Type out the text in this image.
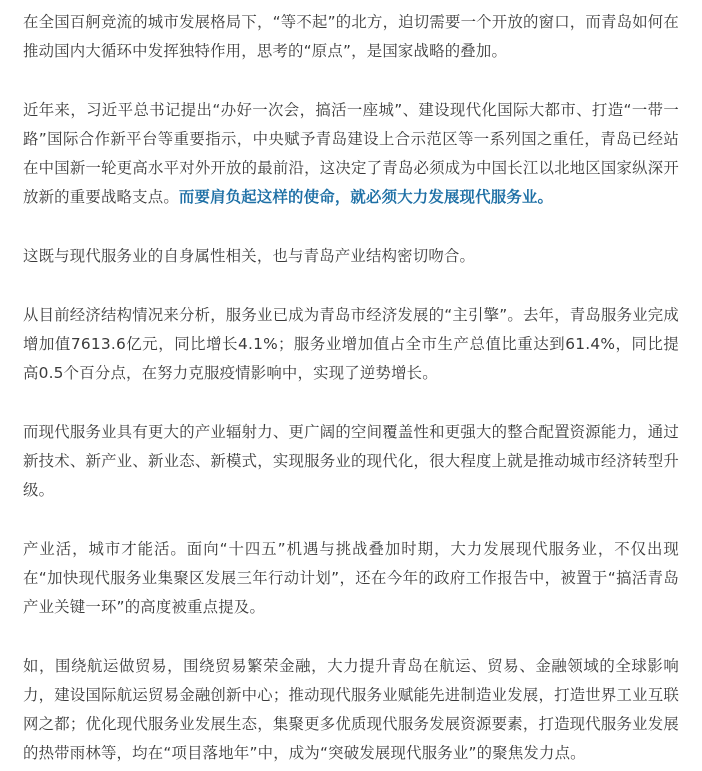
在全国百舸竞流的城市发展格局下，“等不起”的北方，迫切需要一个开放的窗口，而青岛如何在推动国内大循环中发挥独特作用，思考的“原点”，是国家战略的叠加。

近年来，习近平总书记提出“办好一次会，搞活一座城”、建设现代化国际大都市、打造“一带一路”国际合作新平台等重要指示，中央赋予青岛建设上合示范区等一系列国之重任，青岛已经站在中国新一轮更高水平对外开放的最前沿，这决定了青岛必须成为中国长江以北地区国家纵深开放新的重要战略支点。而要肩负起这样的使命，就必须大力发展现代服务业。

这既与现代服务业的自身属性相关，也与青岛产业结构密切吻合。

从目前经济结构情况来分析，服务业已成为青岛市经济发展的“主引擎”。去年，青岛服务业完成增加值7613.6亿元，同比增长4.1%；服务业增加值占全市生产总值比重达到61.4%，同比提高0.5个百分点，在努力克服疫情影响中，实现了逆势增长。

而现代服务业具有更大的产业辐射力、更广阔的空间覆盖性和更强大的整合配置资源能力，通过新技术、新产业、新业态、新模式，实现服务业的现代化，很大程度上就是推动城市经济转型升级。

产业活，城市才能活。面向“十四五”机遇与挑战叠加时期，大力发展现代服务业，不仅出现在“加快现代服务业集聚区发展三年行动计划”，还在今年的政府工作报告中，被置于“搞活青岛产业关键一环”的高度被重点提及。

如，围绕航运做贸易，围绕贸易繁荣金融，大力提升青岛在航运、贸易、金融领域的全球影响力，建设国际航运贸易金融创新中心；推动现代服务业赋能先进制造业发展，打造世界工业互联网之都；优化现代服务业发展生态，集聚更多优质现代服务发展资源要素，打造现代服务业发展的热带雨林等，均在“项目落地年”中，成为“突破发展现代服务业”的聚焦发力点。
